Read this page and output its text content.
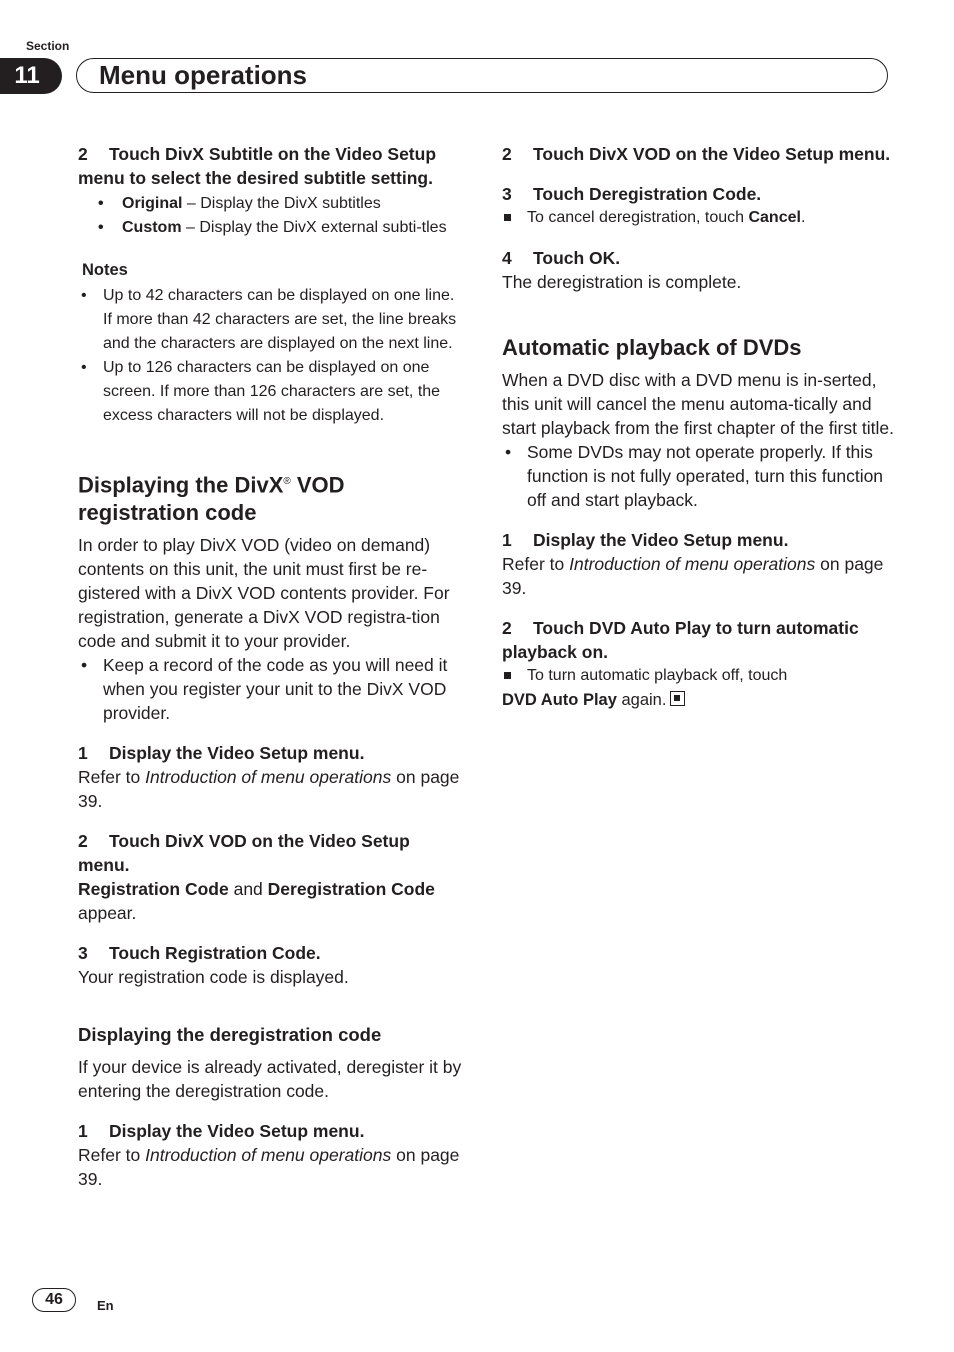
Section
11	Menu operations

2 Touch DivX Subtitle on the Video Setup menu to select the desired subtitle setting.

• Original – Display the DivX subtitles
• Custom – Display the DivX external subti-tles

Notes

• Up to 42 characters can be displayed on one line. If more than 42 characters are set, the line breaks and the characters are displayed on the next line.
• Up to 126 characters can be displayed on one screen. If more than 126 characters are set, the excess characters will not be displayed.
Displaying the DivX® VOD registration code

In order to play DivX VOD (video on demand) contents on this unit, the unit must first be re-gistered with a DivX VOD contents provider. For registration, generate a DivX VOD registra-tion code and submit it to your provider.

• Keep a record of the code as you will need it when you register your unit to the DivX VOD provider.

1 Display the Video Setup menu.

Refer to Introduction of menu operations on page 39.

2 Touch DivX VOD on the Video Setup menu.

Registration Code and Deregistration Code appear.

3 Touch Registration Code.

Your registration code is displayed.

Displaying the deregistration code

If your device is already activated, deregister it by entering the deregistration code.

1 Display the Video Setup menu.

Refer to Introduction of menu operations on page 39.

2 Touch DivX VOD on the Video Setup menu.

3 Touch Deregistration Code.

To cancel deregistration, touch Cancel.

4 Touch OK.

The deregistration is complete.

Automatic playback of DVDs

When a DVD disc with a DVD menu is in-serted, this unit will cancel the menu automa-tically and start playback from the first chapter of the first title.

• Some DVDs may not operate properly. If this function is not fully operated, turn this function off and start playback.

1 Display the Video Setup menu.

Refer to Introduction of menu operations on page 39.

2 Touch DVD Auto Play to turn automatic playback on.

To turn automatic playback off, touch

DVD Auto Play again.

46	En
